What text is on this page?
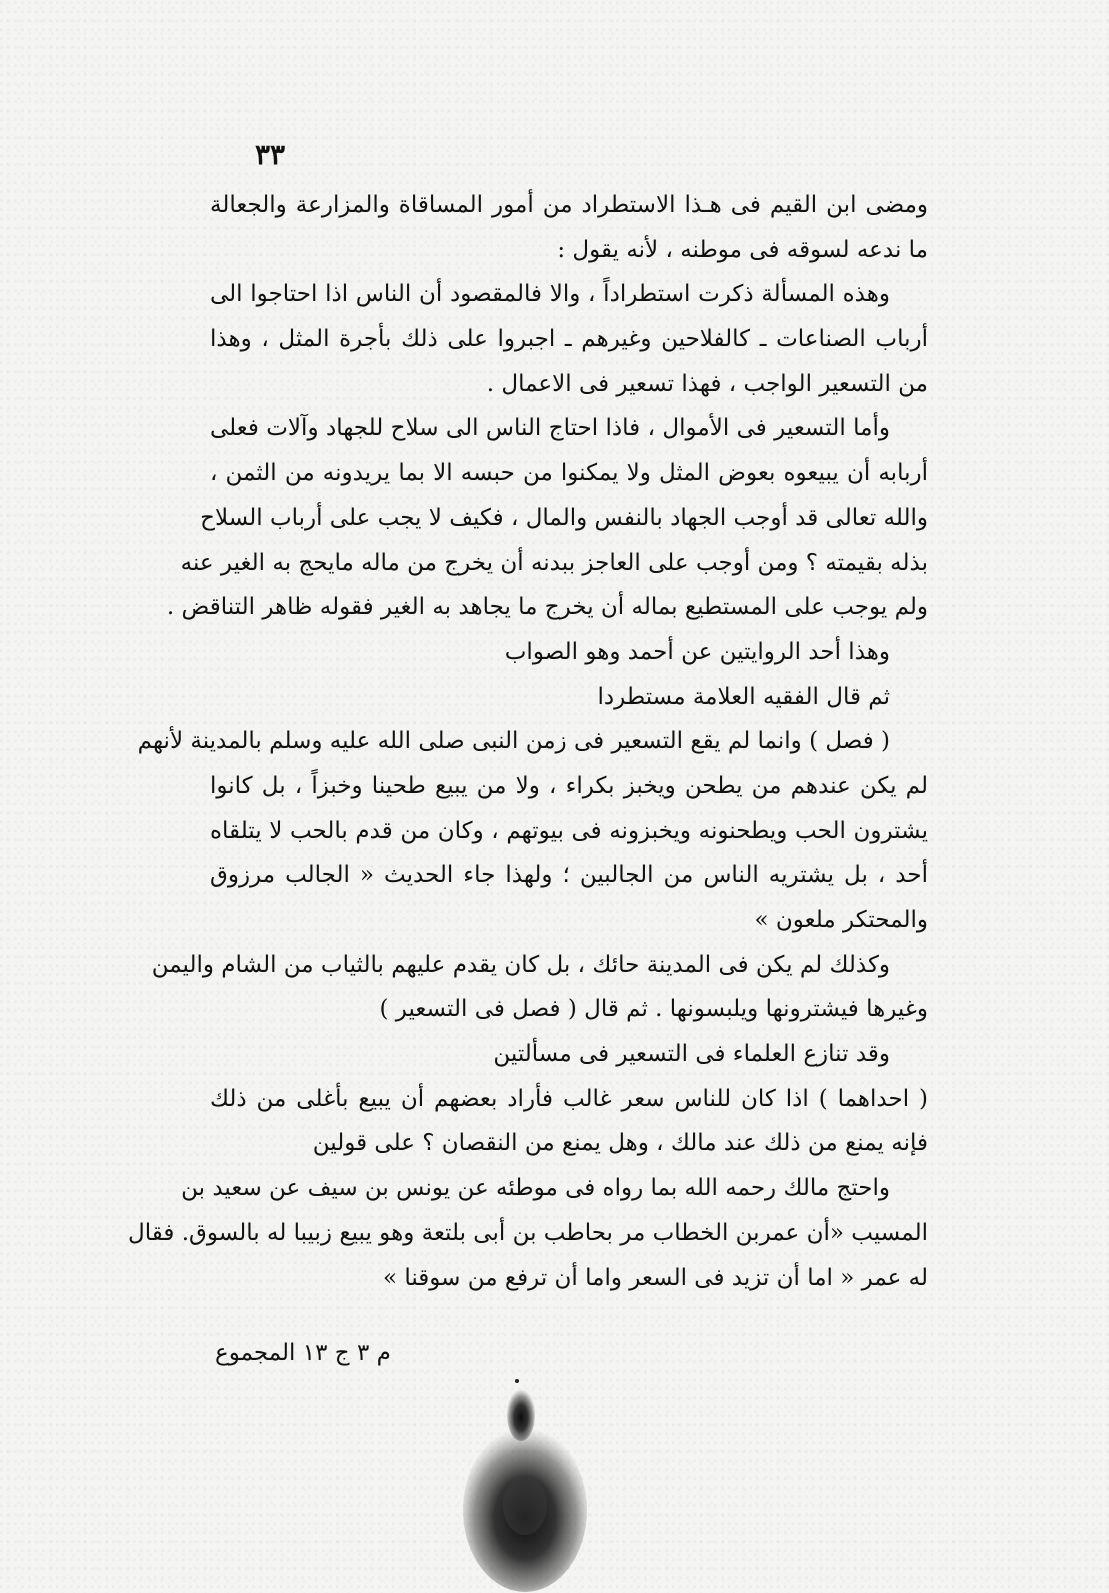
٣٣
ومضى ابن القيم فى هـذا الاستطراد من أمور المساقاة والمزارعة والجعالة
ما ندعه لسوقه فى موطنه ، لأنه يقول :
وهذه المسألة ذكرت استطراداً ، والا فالمقصود أن الناس اذا احتاجوا الى
أرباب الصناعات ـ كالفلاحين وغيرهم ـ اجبروا على ذلك بأجرة المثل ، وهذا
من التسعير الواجب ، فهذا تسعير فى الاعمال .
وأما التسعير فى الأموال ، فاذا احتاج الناس الى سلاح للجهاد وآلات فعلى
أربابه أن يبيعوه بعوض المثل ولا يمكنوا من حبسه الا بما يريدونه من الثمن ،
والله تعالى قد أوجب الجهاد بالنفس والمال ، فكيف لا يجب على أرباب السلاح
بذله بقيمته ؟ ومن أوجب على العاجز ببدنه أن يخرج من ماله مايحج به الغير عنه
ولم يوجب على المستطيع بماله أن يخرج ما يجاهد به الغير فقوله ظاهر التناقض .
وهذا أحد الروايتين عن أحمد وهو الصواب
ثم قال الفقيه العلامة مستطردا
( فصل ) وانما لم يقع التسعير فى زمن النبى صلى الله عليه وسلم بالمدينة لأنهم
لم يكن عندهم من يطحن ويخبز بكراء ، ولا من يبيع طحينا وخبزاً ، بل كانوا
يشترون الحب ويطحنونه ويخبزونه فى بيوتهم ، وكان من قدم بالحب لا يتلقاه
أحد ، بل يشتريه الناس من الجالبين ؛ ولهذا جاء الحديث « الجالب مرزوق
والمحتكر ملعون »
وكذلك لم يكن فى المدينة حائك ، بل كان يقدم عليهم بالثياب من الشام واليمن
وغيرها فيشترونها ويلبسونها . ثم قال ( فصل فى التسعير )
وقد تنازع العلماء فى التسعير فى مسألتين
( احداهما ) اذا كان للناس سعر غالب فأراد بعضهم أن يبيع بأغلى من ذلك
فإنه يمنع من ذلك عند مالك ، وهل يمنع من النقصان ؟ على قولين
واحتج مالك رحمه الله بما رواه فى موطئه عن يونس بن سيف عن سعيد بن
المسيب «أن عمربن الخطاب مر بحاطب بن أبى بلتعة وهو يبيع زبيبا له بالسوق. فقال
له عمر « اما أن تزيد فى السعر واما أن ترفع من سوقنا »
م ٣ ج ١٣ المجموع
